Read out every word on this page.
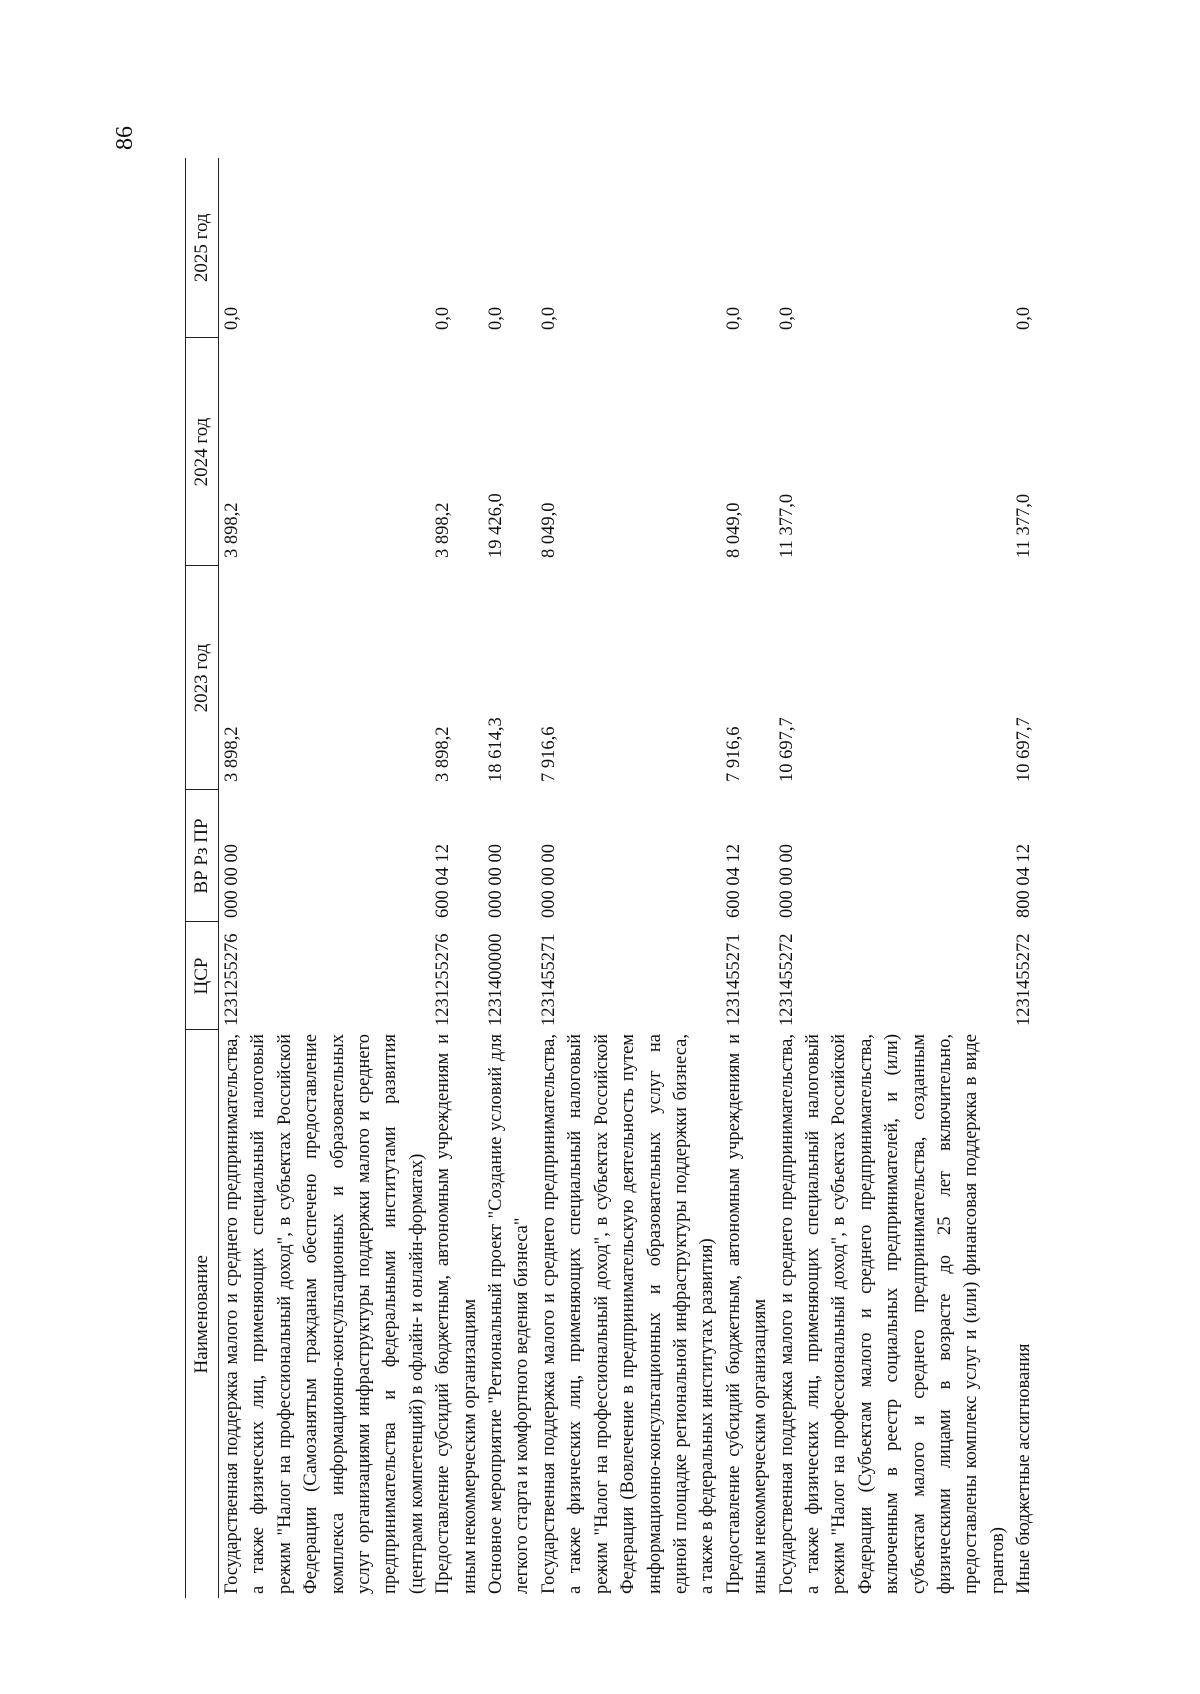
86
Наименование	ЦСР	ВР Рз ПР	2023 год	2024 год	2025 год
Государственная поддержка малого и среднего предпринимательства, а также физических лиц, применяющих специальный налоговый режим "Налог на профессиональный доход", в субъектах Российской Федерации (Самозанятым гражданам обеспечено предоставление комплекса информационно-консультационных и образовательных услуг организациями инфраструктуры поддержки малого и среднего предпринимательства и федеральными институтами развития (центрами компетенций) в офлайн- и онлайн-форматах)	1231255276	000 00 00	3 898,2	3 898,2	0,0
Предоставление субсидий бюджетным, автономным учреждениям и иным некоммерческим организациям	1231255276	600 04 12	3 898,2	3 898,2	0,0
Основное мероприятие "Региональный проект "Создание условий для легкого старта и комфортного ведения бизнеса"	1231400000	000 00 00	18 614,3	19 426,0	0,0
Государственная поддержка малого и среднего предпринимательства, а также физических лиц, применяющих специальный налоговый режим "Налог на профессиональный доход", в субъектах Российской Федерации (Вовлечение в предпринимательскую деятельность путем информационно-консультационных и образовательных услуг на единой площадке региональной инфраструктуры поддержки бизнеса, а также в федеральных институтах развития)	1231455271	000 00 00	7 916,6	8 049,0	0,0
Предоставление субсидий бюджетным, автономным учреждениям и иным некоммерческим организациям	1231455271	600 04 12	7 916,6	8 049,0	0,0
Государственная поддержка малого и среднего предпринимательства, а также физических лиц, применяющих специальный налоговый режим "Налог на профессиональный доход", в субъектах Российской Федерации (Субъектам малого и среднего предпринимательства, включенным в реестр социальных предпринимателей, и (или) субъектам малого и среднего предпринимательства, созданным физическими лицами в возрасте до 25 лет включительно, предоставлены комплекс услуг и (или) финансовая поддержка в виде грантов)	1231455272	000 00 00	10 697,7	11 377,0	0,0
Иные бюджетные ассигнования	1231455272	800 04 12	10 697,7	11 377,0	0,0
